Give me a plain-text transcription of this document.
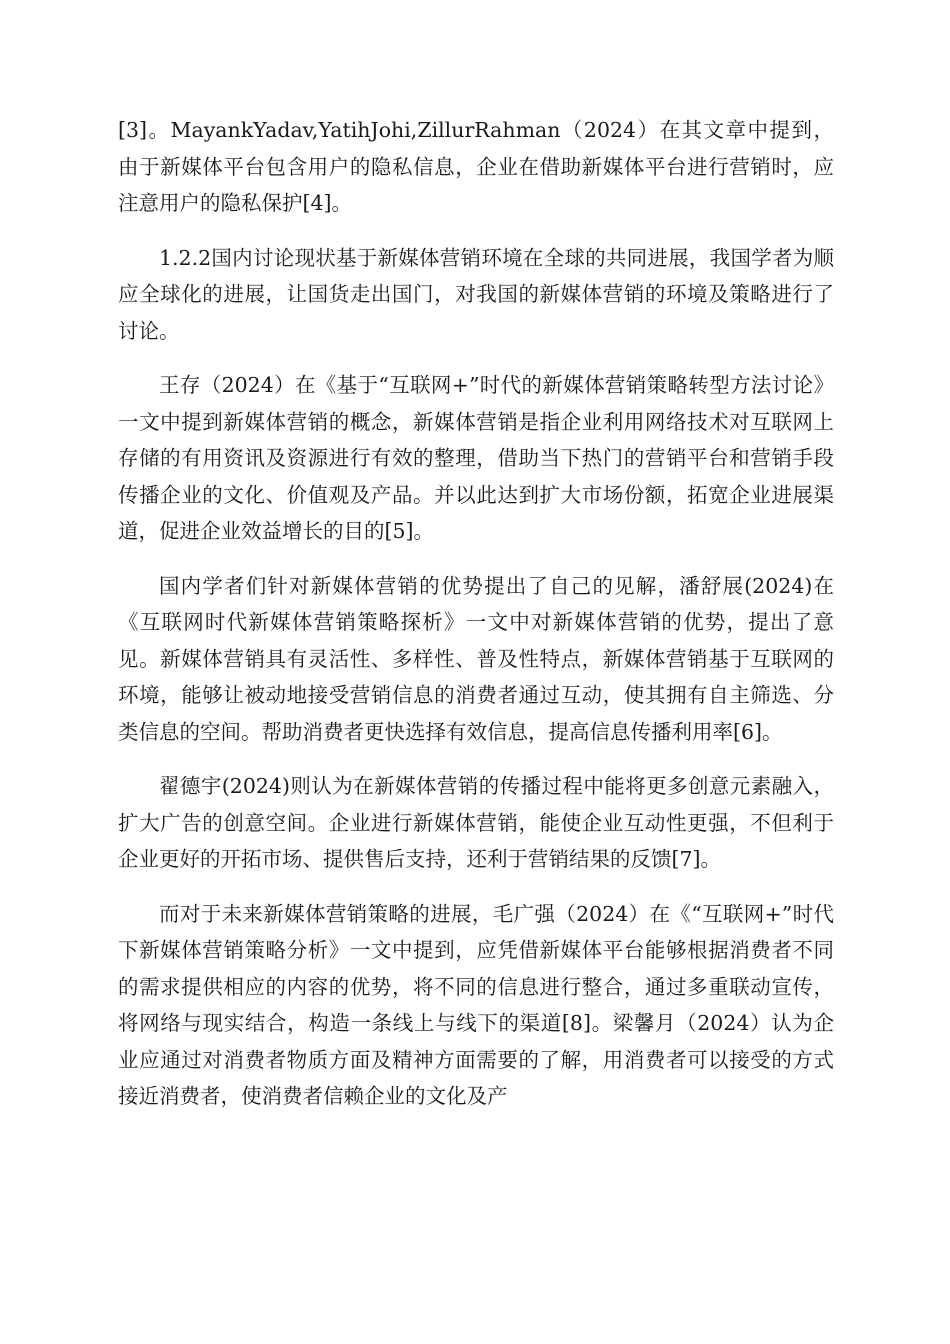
[3]。MayankYadav,YatihJohi,ZillurRahman（2024）在其文章中提到，由于新媒体平台包含用户的隐私信息，企业在借助新媒体平台进行营销时，应注意用户的隐私保护[4]。

1.2.2国内讨论现状基于新媒体营销环境在全球的共同进展，我国学者为顺应全球化的进展，让国货走出国门，对我国的新媒体营销的环境及策略进行了讨论。

王存（2024）在《基于“互联网+”时代的新媒体营销策略转型方法讨论》一文中提到新媒体营销的概念，新媒体营销是指企业利用网络技术对互联网上存储的有用资讯及资源进行有效的整理，借助当下热门的营销平台和营销手段传播企业的文化、价值观及产品。并以此达到扩大市场份额，拓宽企业进展渠道，促进企业效益增长的目的[5]。

国内学者们针对新媒体营销的优势提出了自己的见解，潘舒展(2024)在《互联网时代新媒体营销策略探析》一文中对新媒体营销的优势，提出了意见。新媒体营销具有灵活性、多样性、普及性特点，新媒体营销基于互联网的环境，能够让被动地接受营销信息的消费者通过互动，使其拥有自主筛选、分类信息的空间。帮助消费者更快选择有效信息，提高信息传播利用率[6]。

翟德宇(2024)则认为在新媒体营销的传播过程中能将更多创意元素融入，扩大广告的创意空间。企业进行新媒体营销，能使企业互动性更强，不但利于企业更好的开拓市场、提供售后支持，还利于营销结果的反馈[7]。

而对于未来新媒体营销策略的进展，毛广强（2024）在《“互联网+”时代下新媒体营销策略分析》一文中提到，应凭借新媒体平台能够根据消费者不同的需求提供相应的内容的优势，将不同的信息进行整合，通过多重联动宣传，将网络与现实结合，构造一条线上与线下的渠道[8]。梁馨月（2024）认为企业应通过对消费者物质方面及精神方面需要的了解，用消费者可以接受的方式接近消费者，使消费者信赖企业的文化及产
